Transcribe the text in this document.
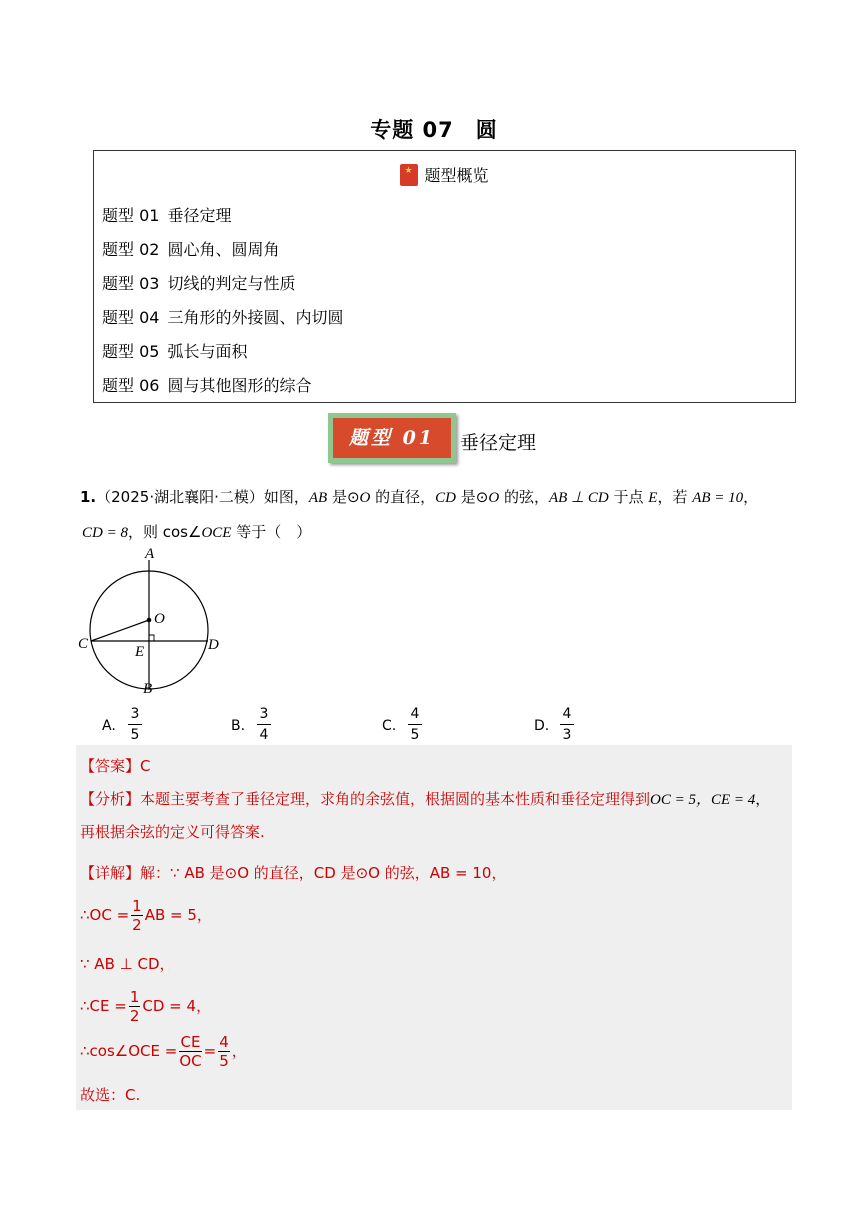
专题 07　圆
★题型概览
题型 01 垂径定理
题型 02 圆心角、圆周角
题型 03 切线的判定与性质
题型 04 三角形的外接圆、内切圆
题型 05 弧长与面积
题型 06 圆与其他图形的综合
题型 01	垂径定理
1.（2025·湖北襄阳·二模）如图，AB 是⊙O 的直径，CD 是⊙O 的弦，AB ⊥ CD 于点 E，若 AB = 10，
CD = 8，则 cos∠OCE 等于（　）
A
B
C	D
E
O
A.
3
5
B.
3
4
C.
4
5
D.
4
3
【答案】C
【分析】本题主要考查了垂径定理，求角的余弦值，根据圆的基本性质和垂径定理得到OC = 5，CE = 4，
再根据余弦的定义可得答案.
【详解】解：∵ AB 是⊙O 的直径，CD 是⊙O 的弦，AB = 10，
∴OC = $\frac{1}{2}$ AB = 5，
∵ AB ⊥ CD，
∴CE = $\frac{1}{2}$ CD = 4，
∴cos∠OCE = $\frac{CE}{OC} = \frac{4}{5}$ ，
故选：C.
